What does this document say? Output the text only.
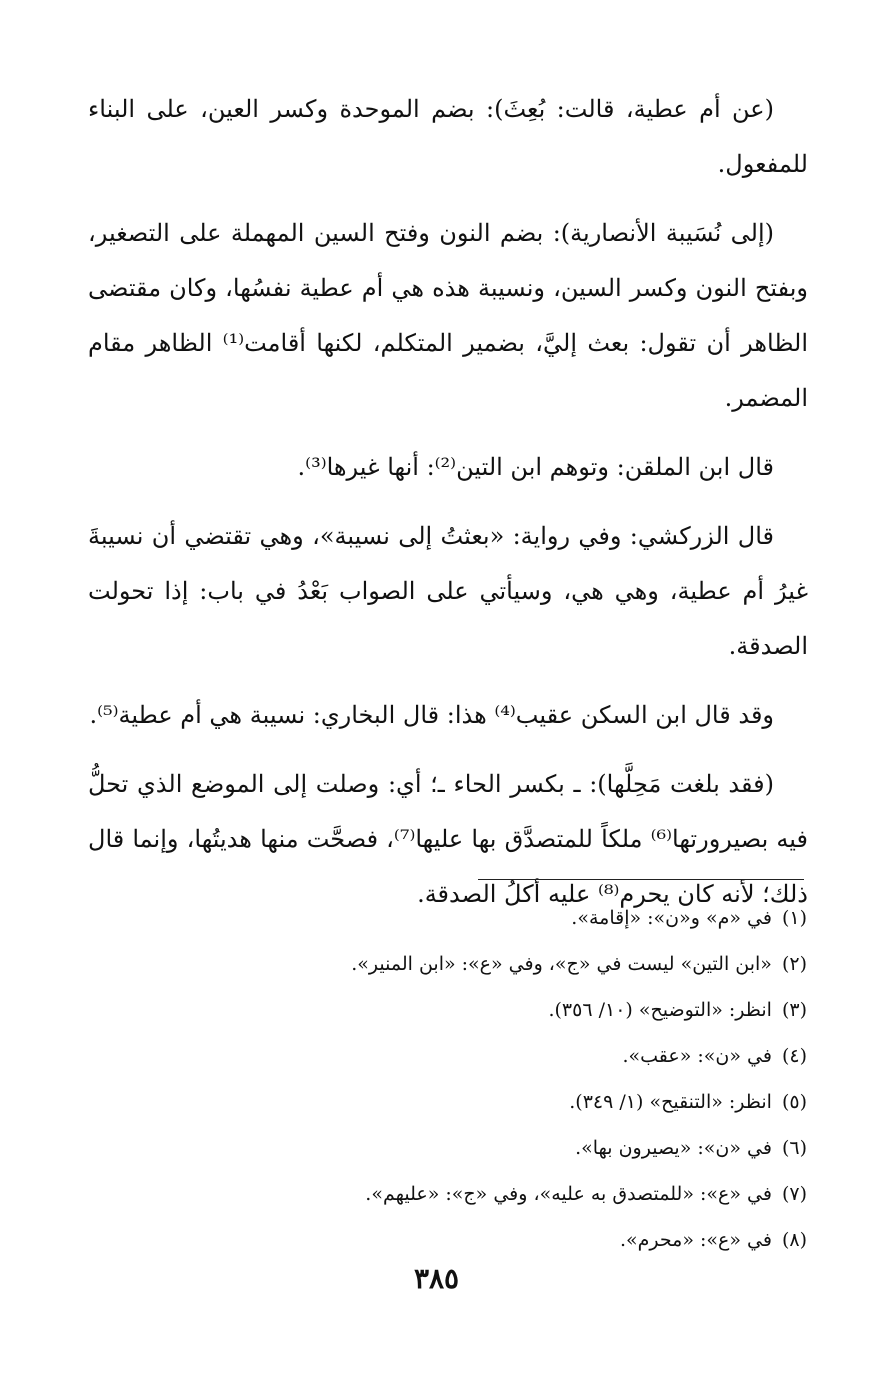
(عن أم عطية، قالت: بُعِثَ): بضم الموحدة وكسر العين، على البناء للمفعول.

(إلى نُسَيبة الأنصارية): بضم النون وفتح السين المهملة على التصغير، وبفتح النون وكسر السين، ونسيبة هذه هي أم عطية نفسُها، وكان مقتضى الظاهر أن تقول: بعث إليَّ، بضمير المتكلم، لكنها أقامت⁽¹⁾ الظاهر مقام المضمر.

قال ابن الملقن: وتوهم ابن التين⁽²⁾: أنها غيرها⁽³⁾.

قال الزركشي: وفي رواية: «بعثتُ إلى نسيبة»، وهي تقتضي أن نسيبةَ غيرُ أم عطية، وهي هي، وسيأتي على الصواب بَعْدُ في باب: إذا تحولت الصدقة.

وقد قال ابن السكن عقيب⁽⁴⁾ هذا: قال البخاري: نسيبة هي أم عطية⁽⁵⁾.

(فقد بلغت مَحِلَّها): ـ بكسر الحاء ـ؛ أي: وصلت إلى الموضع الذي تحلُّ فيه بصيرورتها⁽⁶⁾ ملكاً للمتصدَّق بها عليها⁽⁷⁾، فصحَّت منها هديتُها، وإنما قال ذلك؛ لأنه كان يحرم⁽⁸⁾ عليه أكلُ الصدقة.

(١)في «م» و«ن»: «إقامة».

(٢)«ابن التين» ليست في «ج»، وفي «ع»: «ابن المنير».

(٣)انظر: «التوضيح» (١٠/ ٣٥٦).

(٤)في «ن»: «عقب».

(٥)انظر: «التنقيح» (١/ ٣٤٩).

(٦)في «ن»: «يصيرون بها».

(٧)في «ع»: «للمتصدق به عليه»، وفي «ج»: «عليهم».

(٨)في «ع»: «محرم».

٣٨٥
